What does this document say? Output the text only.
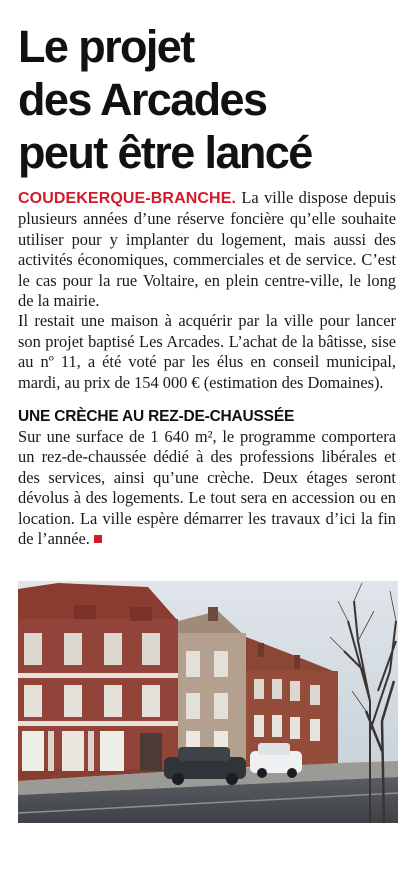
Le projet
des Arcades
peut être lancé

COUDEKERQUE-BRANCHE. La ville dispose depuis plusieurs années d’une réserve foncière qu’elle souhaite utiliser pour y implanter du logement, mais aussi des activités économiques, commerciales et de service. C’est le cas pour la rue Voltaire, en plein centre-ville, le long de la mairie.

Il restait une maison à acquérir par la ville pour lancer son projet baptisé Les Arcades. L’achat de la bâtisse, sise au nº 11, a été voté par les élus en conseil municipal, mardi, au prix de 154 000 € (estimation des Domaines).

UNE CRÈCHE AU REZ-DE-CHAUSSÉE

Sur une surface de 1 640 m², le programme comportera un rez-de-chaussée dédié à des professions libérales et des services, ainsi qu’une crèche. Deux étages seront dévolus à des logements. Le tout sera en accession ou en location. La ville espère démarrer les travaux d’ici la fin de l’année.
